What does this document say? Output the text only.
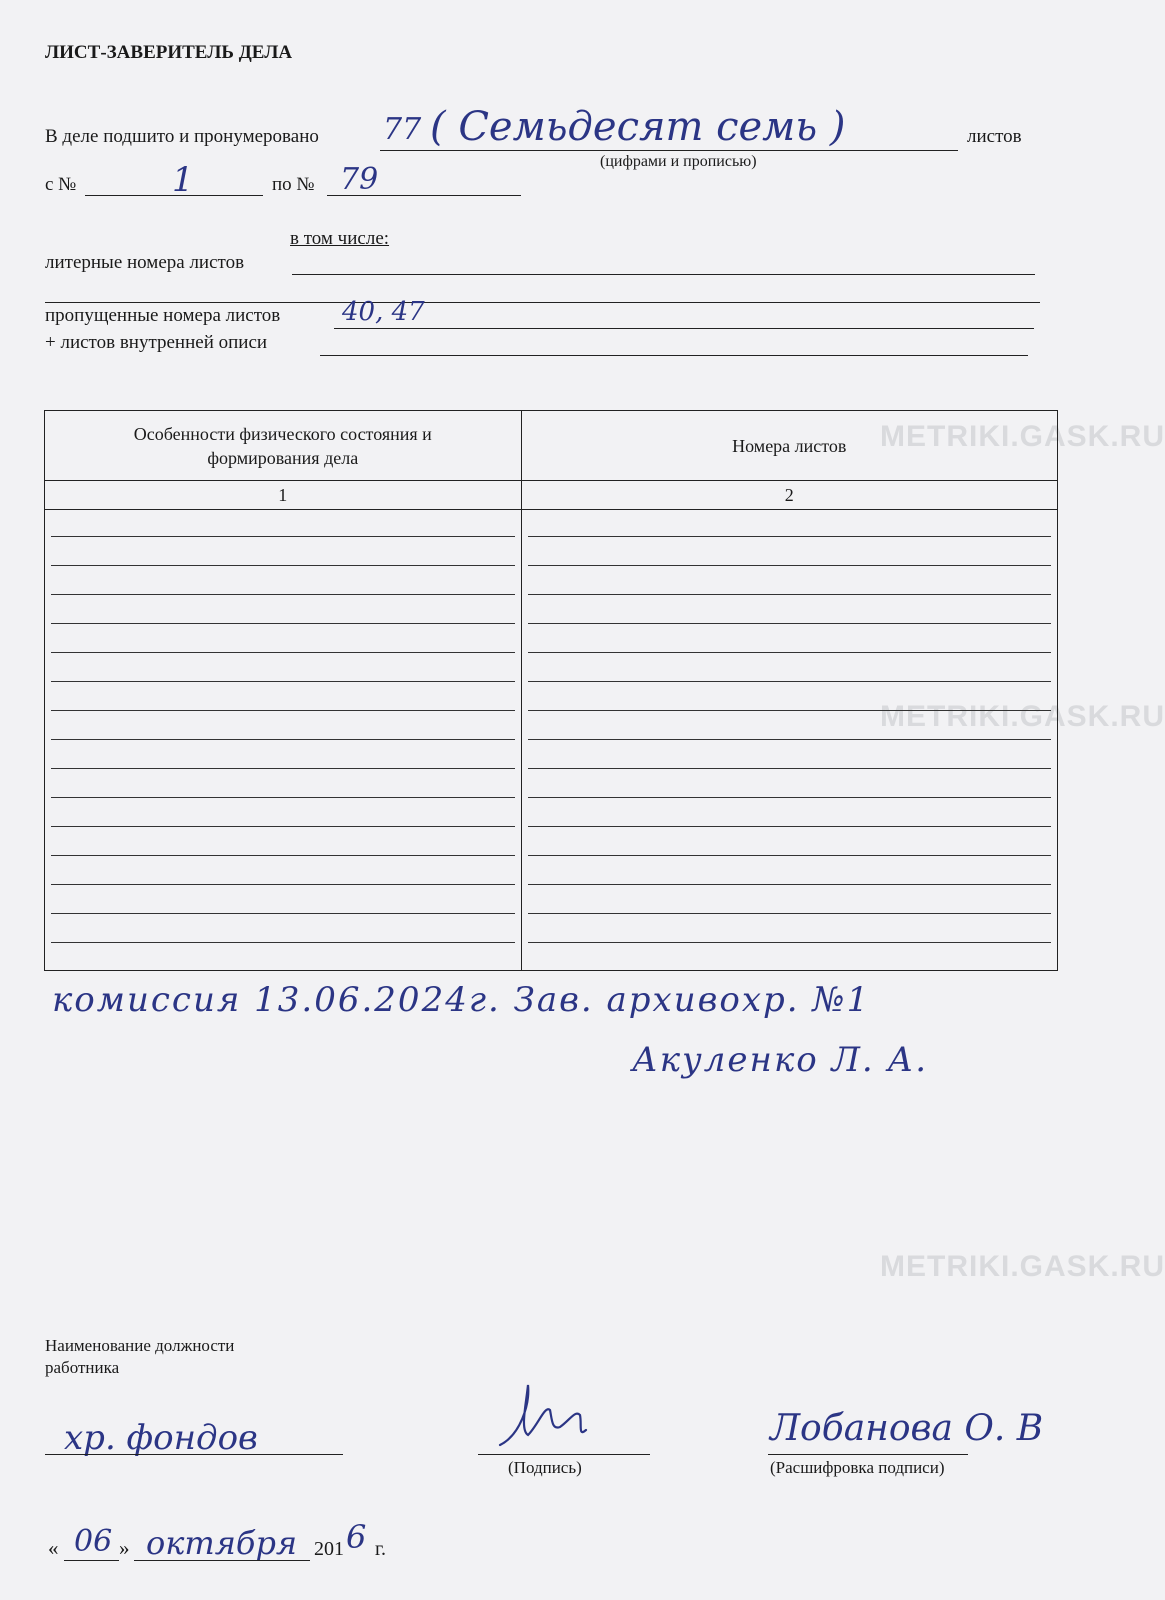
METRIKI.GASK.RU
METRIKI.GASK.RU
METRIKI.GASK.RU
ЛИСТ-ЗАВЕРИТЕЛЬ ДЕЛА
В деле подшито и пронумеровано 77 ( Семьдесят семь )	листов
(цифрами и прописью)
с №	1	по № 79
в том числе:
литерные номера листов
пропущенные номера листов 40, 47
+ листов внутренней описи
Особенности физического состояния и
формирования дела	Номера листов
1	2

комиссия 13.06.2024г. Зав. архивохр. №1
Акуленко Л. А.
Наименование должности
работника
хр. фондов
(Подпись)
Лобанова О. В
(Расшифровка подписи)
« 06 » октября 201 6 г.
